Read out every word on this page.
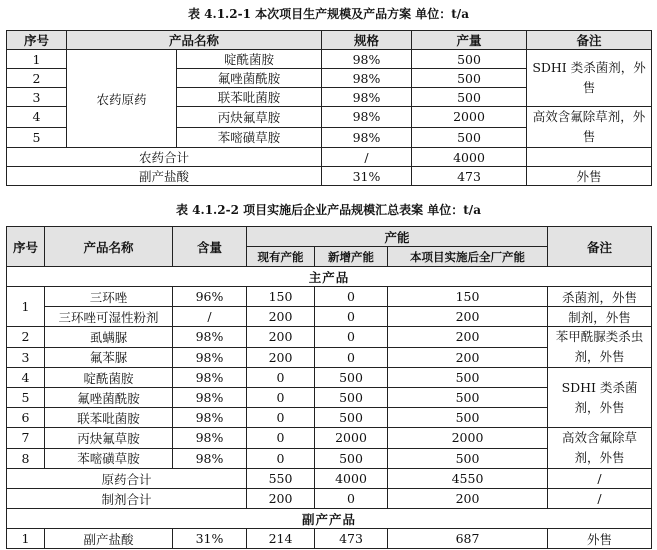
表 4.1.2-1 本次项目生产规模及产品方案 单位：t/a
序号	产品名称		规格	产量	备注
1	农药原药	啶酰菌胺	98%	500	SDHI 类杀菌剂，外售
2		氟唑菌酰胺	98%	500	
3		联苯吡菌胺	98%	500	
4		丙炔氟草胺	98%	2000	高效含氟除草剂，外售
5		苯嘧磺草胺	98%	500	
农药合计			/	4000	
副产盐酸			31%	473	外售
表 4.1.2-2 项目实施后企业产品规模汇总表案 单位：t/a
序号	产品名称	含量	产能			备注
			现有产能	新增产能	本项目实施后全厂产能	
主产品						
1	三环唑	96%	150	0	150	杀菌剂，外售
	三环唑可湿性粉剂	/	200	0	200	制剂，外售
2	虱螨脲	98%	200	0	200	苯甲酰脲类杀虫剂，外售
3	氟苯脲	98%	200	0	200	
4	啶酰菌胺	98%	0	500	500	SDHI 类杀菌剂，外售
5	氟唑菌酰胺	98%	0	500	500	
6	联苯吡菌胺	98%	0	500	500	
7	丙炔氟草胺	98%	0	2000	2000	高效含氟除草剂，外售
8	苯嘧磺草胺	98%	0	500	500	
原药合计			550	4000	4550	/
制剂合计			200	0	200	/
副产产品						
1	副产盐酸	31%	214	473	687	外售
